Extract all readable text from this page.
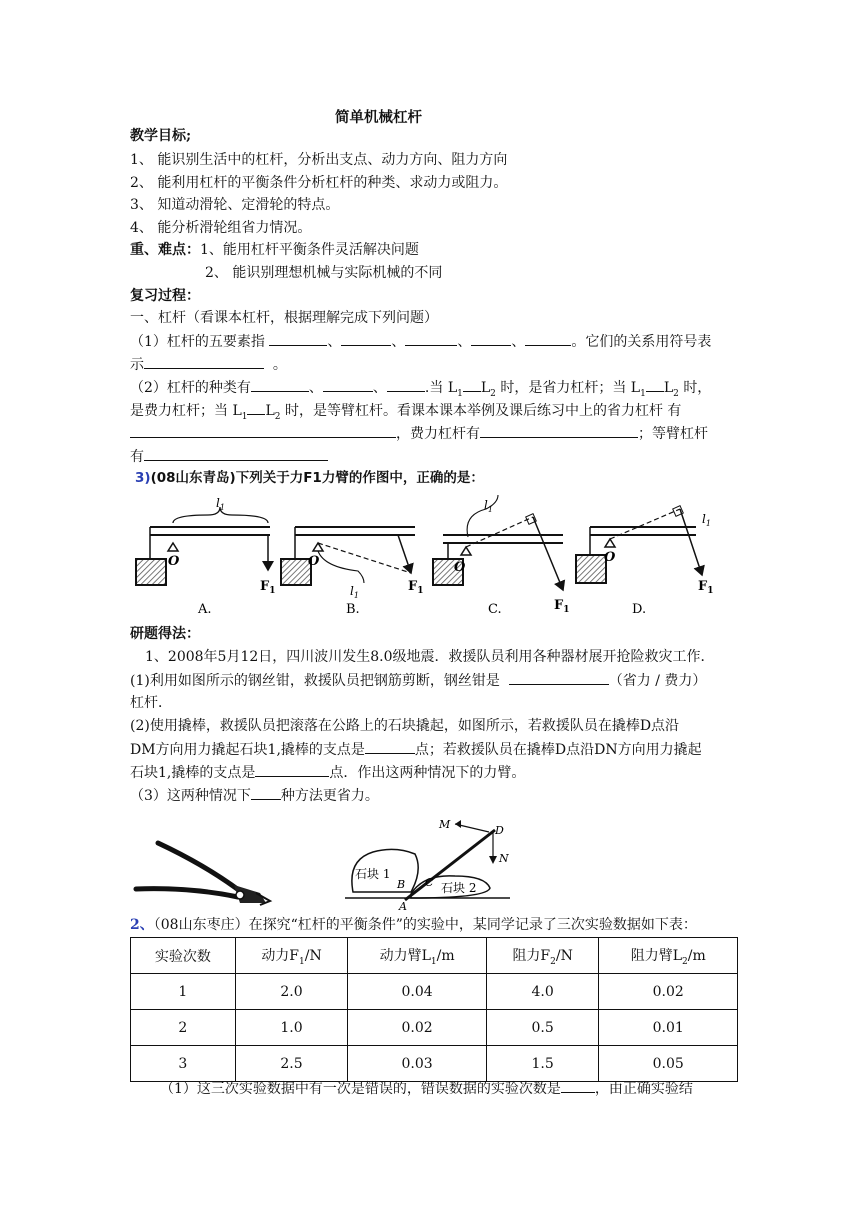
简单机械杠杆
教学目标;
1、 能识别生活中的杠杆，分析出支点、动力方向、阻力方向
2、 能利用杠杆的平衡条件分析杠杆的种类、求动力或阻力。
3、 知道动滑轮、定滑轮的特点。
4、 能分析滑轮组省力情况。
重、难点：1、能用杠杆平衡条件灵活解决问题
2、 能识别理想机械与实际机械的不同
复习过程：
一、杠杆（看课本杠杆，根据理解完成下列问题）
（1）杠杆的五要素指	、	、	、	、	。它们的关系用符号表
示	。
（2）杠杆的种类有	、	、	.当 $L_1$ $L_2$ 时，是省力杠杆；当 $L_1$ $L_2$ 时，
是费力杠杆；当 $L_1$ $L_2$ 时，是等臂杠杆。看课本课本举例及课后练习中上的省力杠杆 有
，费力杠杆有	；等臂杠杆
有
3)(08山东青岛)下列关于力F1力臂的作图中，正确的是：
O
$F_1$
$l_1$
A.
O
$F_1$
$l_1$
B.
O
$l_1$
$F_1$
C.
O
$l_1$
$F_1$
D.
研题得法：
1、2008年5月12日，四川波川发生8.0级地震．救援队员利用各种器材展开抢险救灾工作．
(1)利用如图所示的钢丝钳，救援队员把钢筋剪断，钢丝钳是	（省力 / 费力）
杠杆．
(2)使用撬棒，救援队员把滚落在公路上的石块撬起，如图所示，若救援队员在撬棒D点沿
DM方向用力撬起石块1,撬棒的支点是	点；若救援队员在撬棒D点沿DN方向用力撬起
石块1,撬棒的支点是	点．作出这两种情况下的力臂。
（3）这两种情况下 种方法更省力。
石块 1
石块 2
M	D
N
B C
A
2、（08山东枣庄）在探究“杠杆的平衡条件”的实验中，某同学记录了三次实验数据如下表：
实验次数	动力$F_1/N$	动力臂$L_1/m$	阻力$F_2/N$	阻力臂$L_2/m$
1	2.0	0.04	4.0	0.02
2	1.0	0.02	0.5	0.01
3	2.5	0.03	1.5	0.05
（1）这三次实验数据中有一次是错误的，错误数据的实验次数是 ，由正确实验结
